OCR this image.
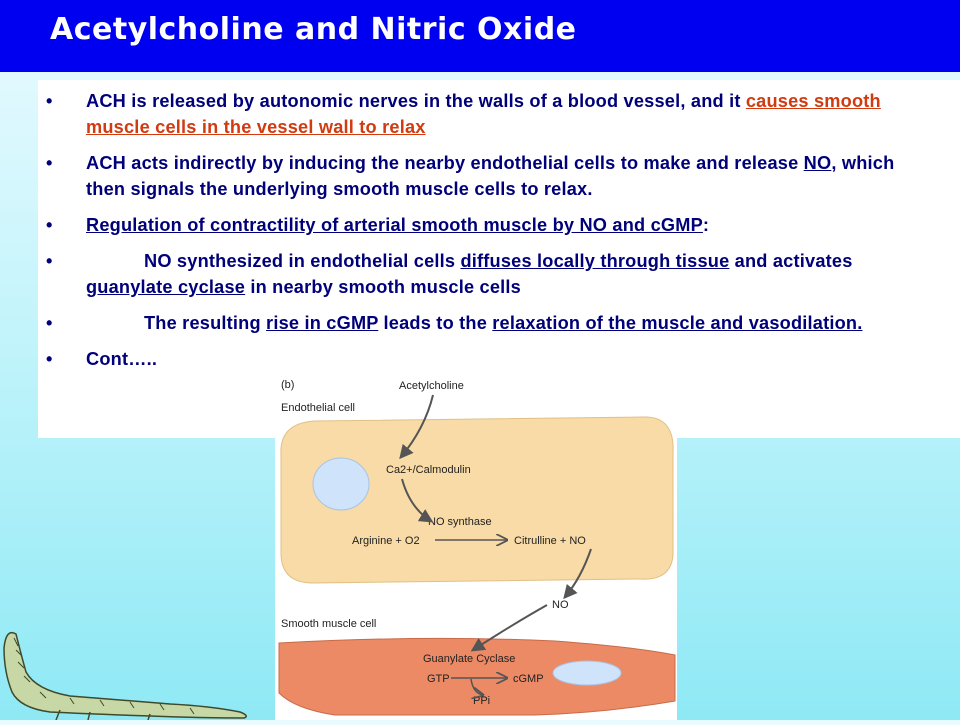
Acetylcholine and Nitric Oxide
• ACH is released by autonomic nerves in the walls of a blood vessel, and it causes smooth muscle cells in the vessel wall to relax
• ACH acts indirectly by inducing the nearby endothelial cells to make and release NO, which then signals the underlying smooth muscle cells to relax.
• Regulation of contractility of arterial smooth muscle by NO and cGMP:
•	NO synthesized in endothelial cells diffuses locally through tissue and activates guanylate cyclase in nearby smooth muscle cells
•	The resulting rise in cGMP leads to the relaxation of the muscle and vasodilation.
• Cont…..
(b)
Endothelial cell
Acetylcholine
Ca2+/Calmodulin
NO synthase
Arginine + O2	Citrulline + NO
NO
Smooth muscle cell
Guanylate Cyclase
GTP	cGMP
PPi
